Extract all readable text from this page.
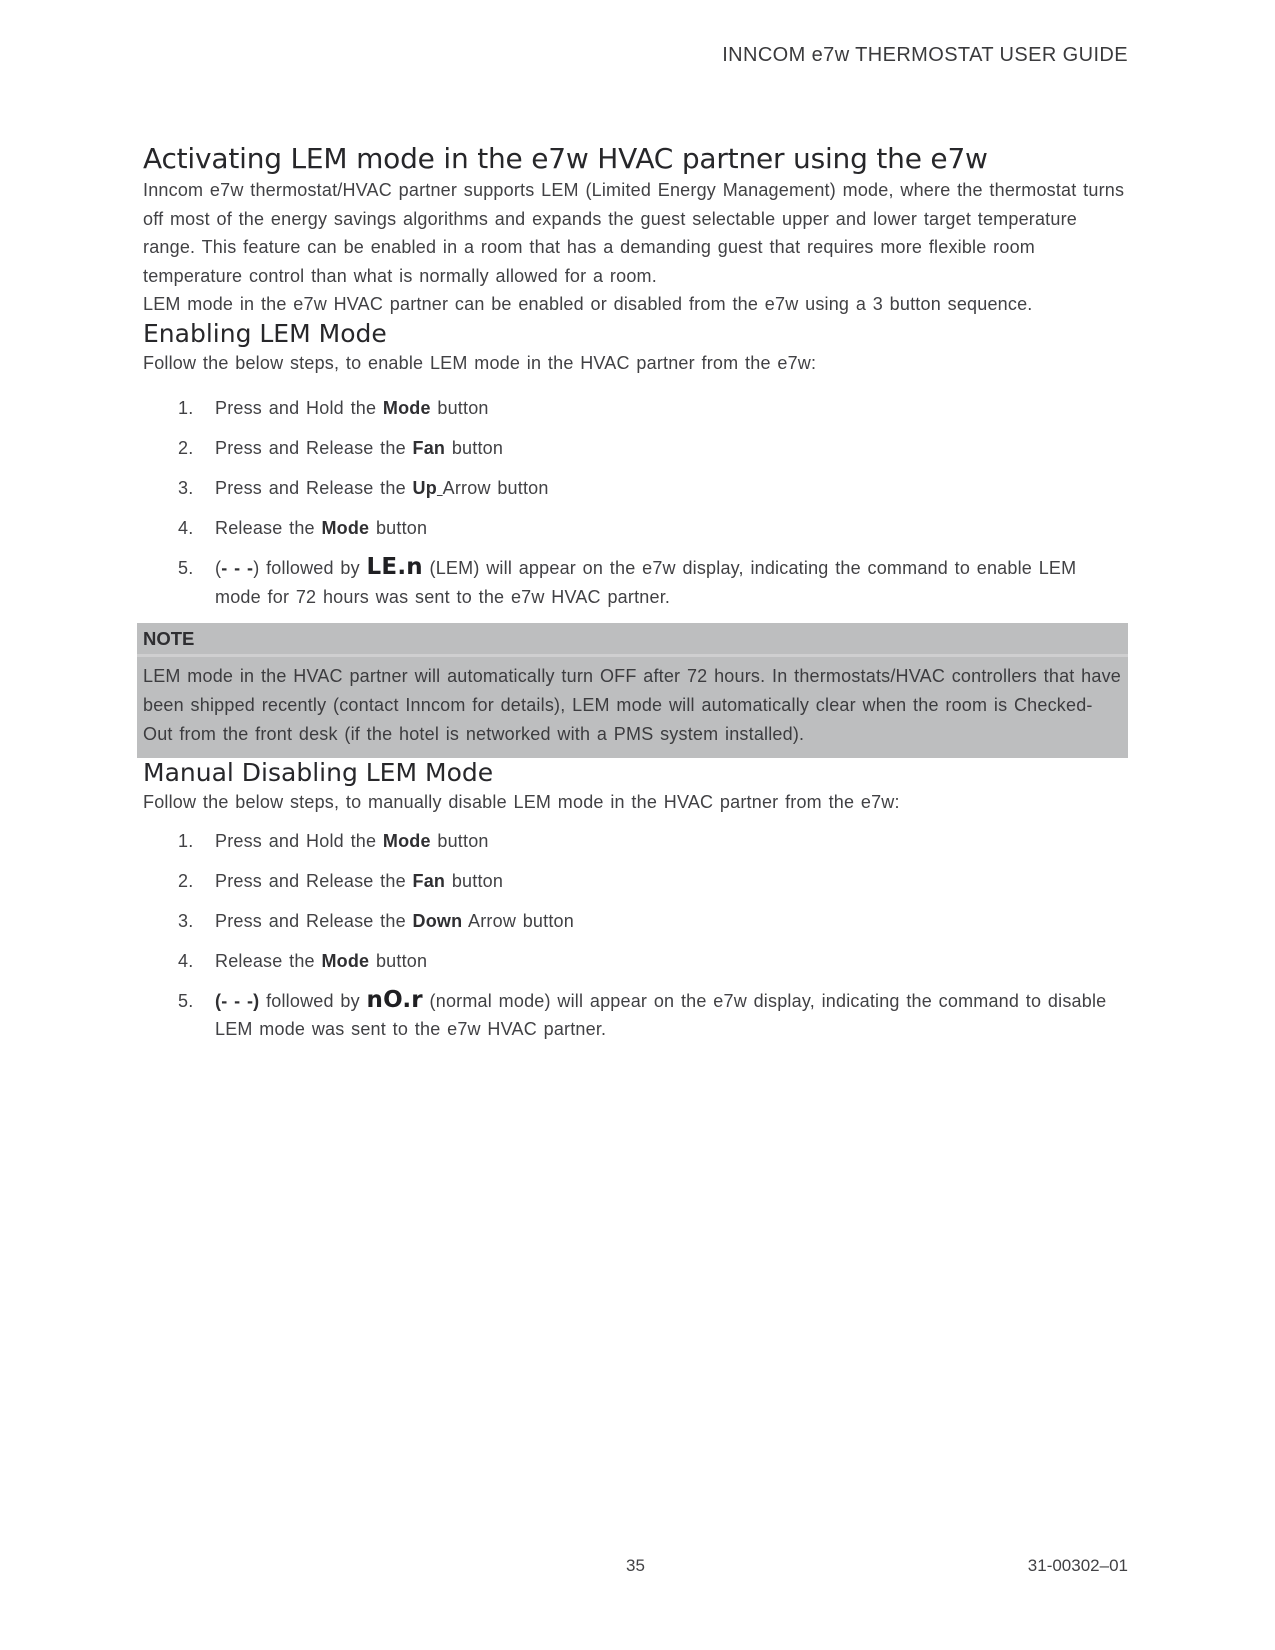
INNCOM e7w THERMOSTAT USER GUIDE
Activating LEM mode in the e7w HVAC partner using the e7w

Inncom e7w thermostat/HVAC partner supports LEM (Limited Energy Management) mode, where the thermostat turns off most of the energy savings algorithms and expands the guest selectable upper and lower target temperature range. This feature can be enabled in a room that has a demanding guest that requires more flexible room temperature control than what is normally allowed for a room.

LEM mode in the e7w HVAC partner can be enabled or disabled from the e7w using a 3 button sequence.

Enabling LEM Mode

Follow the below steps, to enable LEM mode in the HVAC partner from the e7w:

1. Press and Hold the Mode button
2. Press and Release the Fan button
3. Press and Release the Up Arrow button
4. Release the Mode button
5. (- - -) followed by LE.n (LEM) will appear on the e7w display, indicating the command to enable LEM mode for 72 hours was sent to the e7w HVAC partner.
NOTE
LEM mode in the HVAC partner will automatically turn OFF after 72 hours. In thermostats/HVAC controllers that have been shipped recently (contact Inncom for details), LEM mode will automatically clear when the room is Checked-Out from the front desk (if the hotel is networked with a PMS system installed).
Manual Disabling LEM Mode

Follow the below steps, to manually disable LEM mode in the HVAC partner from the e7w:

1. Press and Hold the Mode button
2. Press and Release the Fan button
3. Press and Release the Down Arrow button
4. Release the Mode button
5. (- - -) followed by nO.r (normal mode) will appear on the e7w display, indicating the command to disable LEM mode was sent to the e7w HVAC partner.
35	31-00302–01
